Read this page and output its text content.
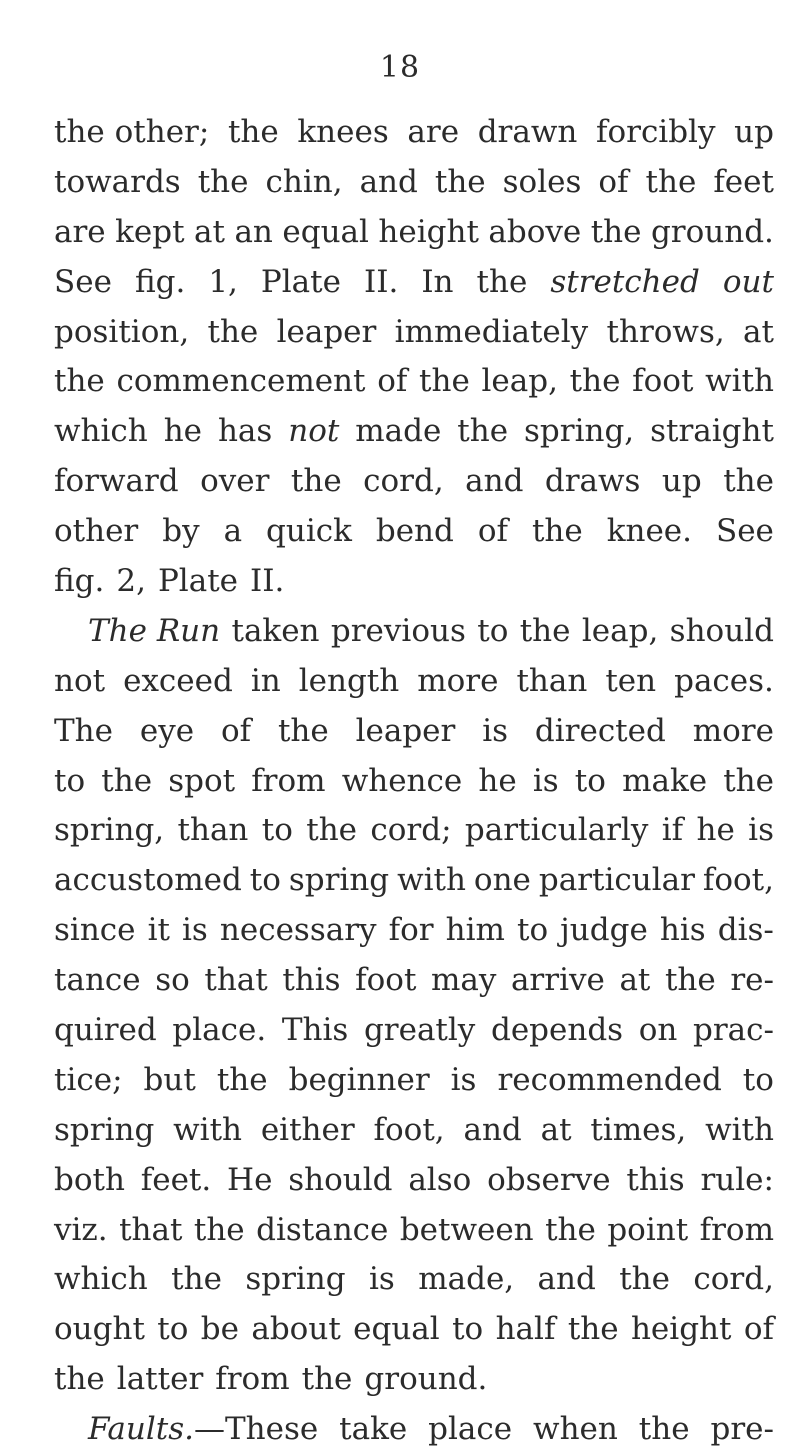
18
the other; the knees are drawn forcibly up
towards the chin, and the soles of the feet
are kept at an equal height above the ground.
See fig. 1, Plate II. In the stretched out
position, the leaper immediately throws, at
the commencement of the leap, the foot with
which he has not made the spring, straight
forward over the cord, and draws up the
other by a quick bend of the knee. See
fig. 2, Plate II.
The Run taken previous to the leap, should
not exceed in length more than ten paces.
The eye of the leaper is directed more
to the spot from whence he is to make the
spring, than to the cord; particularly if he is
accustomed to spring with one particular foot,
since it is necessary for him to judge his dis-
tance so that this foot may arrive at the re-
quired place. This greatly depends on prac-
tice; but the beginner is recommended to
spring with either foot, and at times, with
both feet. He should also observe this rule:
viz. that the distance between the point from
which the spring is made, and the cord,
ought to be about equal to half the height of
the latter from the ground.
Faults.—These take place when the pre-
